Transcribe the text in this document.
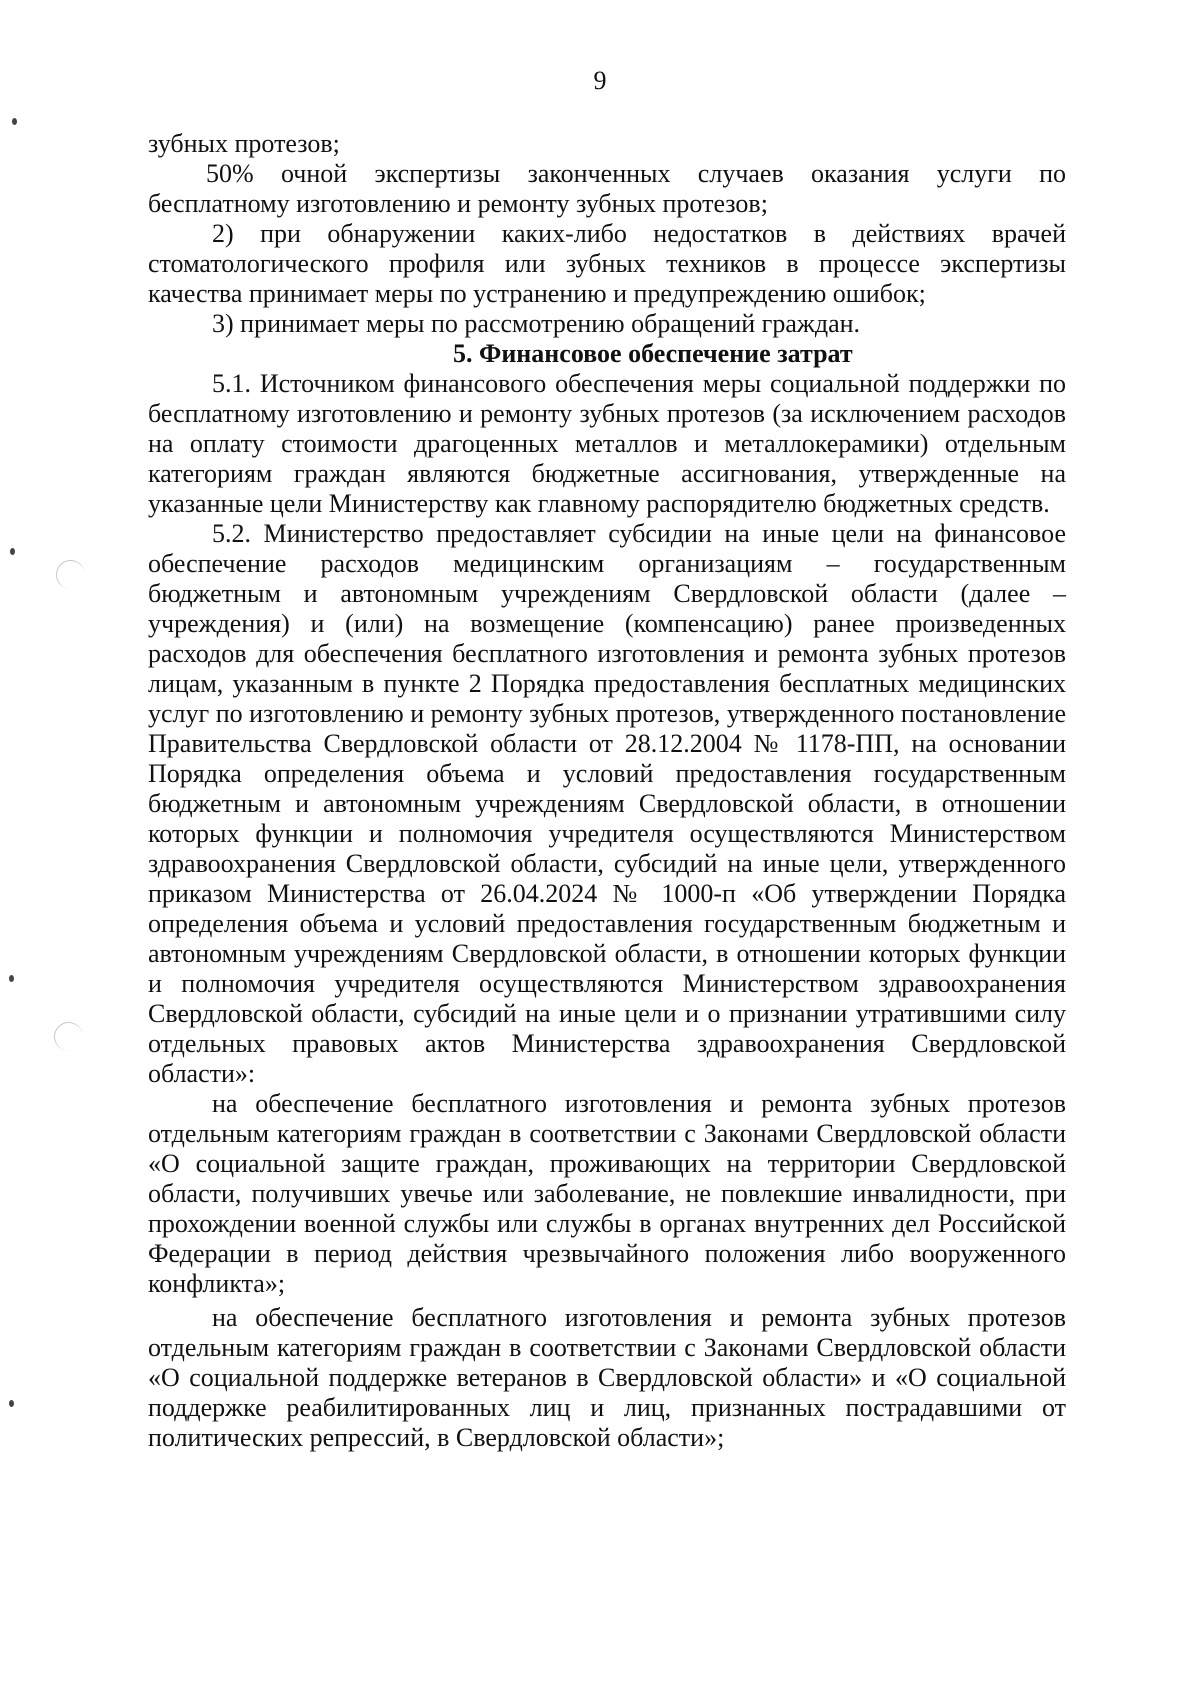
9

зубных протезов;

50% очной экспертизы законченных случаев оказания услуги по бесплатному изготовлению и ремонту зубных протезов;

2) при обнаружении каких-либо недостатков в действиях врачей стоматологического профиля или зубных техников в процессе экспертизы качества принимает меры по устранению и предупреждению ошибок;

3) принимает меры по рассмотрению обращений граждан.

5. Финансовое обеспечение затрат

5.1. Источником финансового обеспечения меры социальной поддержки по бесплатному изготовлению и ремонту зубных протезов (за исключением расходов на оплату стоимости драгоценных металлов и металлокерамики) отдельным категориям граждан являются бюджетные ассигнования, утвержденные на указанные цели Министерству как главному распорядителю бюджетных средств.

5.2. Министерство предоставляет субсидии на иные цели на финансовое обеспечение расходов медицинским организациям – государственным бюджетным и автономным учреждениям Свердловской области (далее – учреждения) и (или) на возмещение (компенсацию) ранее произведенных расходов для обеспечения бесплатного изготовления и ремонта зубных протезов лицам, указанным в пункте 2 Порядка предоставления бесплатных медицинских услуг по изготовлению и ремонту зубных протезов, утвержденного постановление Правительства Свердловской области от 28.12.2004 № 1178-ПП, на основании Порядка определения объема и условий предоставления государственным бюджетным и автономным учреждениям Свердловской области, в отношении которых функции и полномочия учредителя осуществляются Министерством здравоохранения Свердловской области, субсидий на иные цели, утвержденного приказом Министерства от 26.04.2024 № 1000-п «Об утверждении Порядка определения объема и условий предоставления государственным бюджетным и автономным учреждениям Свердловской области, в отношении которых функции и полномочия учредителя осуществляются Министерством здравоохранения Свердловской области, субсидий на иные цели и о признании утратившими силу отдельных правовых актов Министерства здравоохранения Свердловской области»:

на обеспечение бесплатного изготовления и ремонта зубных протезов отдельным категориям граждан в соответствии с Законами Свердловской области «О социальной защите граждан, проживающих на территории Свердловской области, получивших увечье или заболевание, не повлекшие инвалидности, при прохождении военной службы или службы в органах внутренних дел Российской Федерации в период действия чрезвычайного положения либо вооруженного конфликта»;

на обеспечение бесплатного изготовления и ремонта зубных протезов отдельным категориям граждан в соответствии с Законами Свердловской области «О социальной поддержке ветеранов в Свердловской области» и «О социальной поддержке реабилитированных лиц и лиц, признанных пострадавшими от политических репрессий, в Свердловской области»;
